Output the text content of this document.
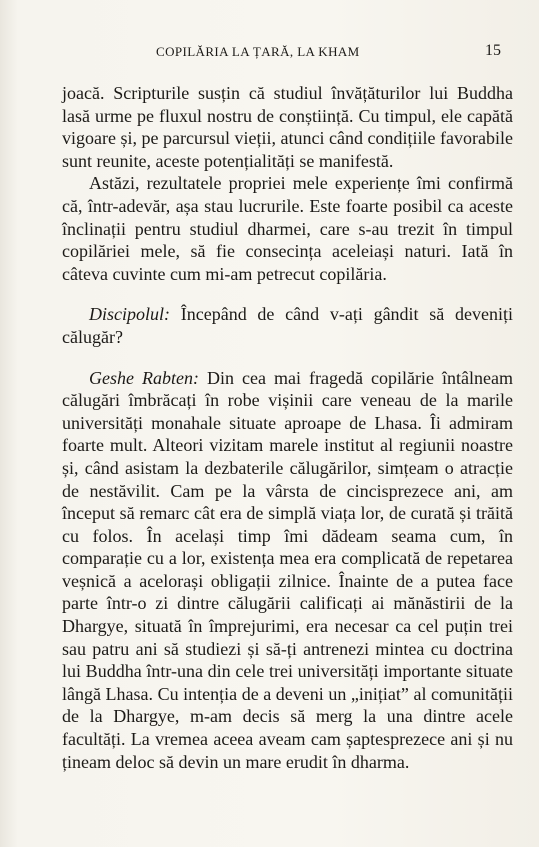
COPILĂRIA LA ȚARĂ, LA KHAM	15

joacă. Scripturile susțin că studiul învățăturilor lui Buddha lasă urme pe fluxul nostru de conștiință. Cu timpul, ele capătă vigoare și, pe parcursul vieții, atunci când condițiile favorabile sunt reunite, aceste potențialități se manifestă.

Astăzi, rezultatele propriei mele experiențe îmi confirmă că, într-adevăr, așa stau lucrurile. Este foarte posibil ca aceste înclinații pentru studiul dharmei, care s-au trezit în timpul copilăriei mele, să fie consecința aceleiași naturi. Iată în câteva cuvinte cum mi-am petrecut copilăria.

Discipolul: Începând de când v-ați gândit să deveniți călugăr?

Geshe Rabten: Din cea mai fragedă copilărie întâlneam călugări îmbrăcați în robe vișinii care veneau de la marile universități monahale situate aproape de Lhasa. Îi admiram foarte mult. Alteori vizitam marele institut al regiunii noastre și, când asistam la dezbaterile călugărilor, simțeam o atracție de nestăvilit. Cam pe la vârsta de cincisprezece ani, am început să remarc cât era de simplă viața lor, de curată și trăită cu folos. În același timp îmi dădeam seama cum, în comparație cu a lor, existența mea era complicată de repetarea veșnică a acelorași obligații zilnice. Înainte de a putea face parte într-o zi dintre călugării calificați ai mănăstirii de la Dhargye, situată în împrejurimi, era necesar ca cel puțin trei sau patru ani să studiezi și să-ți antrenezi mintea cu doctrina lui Buddha într-una din cele trei universități importante situate lângă Lhasa. Cu intenția de a deveni un „inițiat” al comunității de la Dhargye, m-am decis să merg la una dintre acele facultăți. La vremea aceea aveam cam șaptesprezece ani și nu țineam deloc să devin un mare erudit în dharma.
